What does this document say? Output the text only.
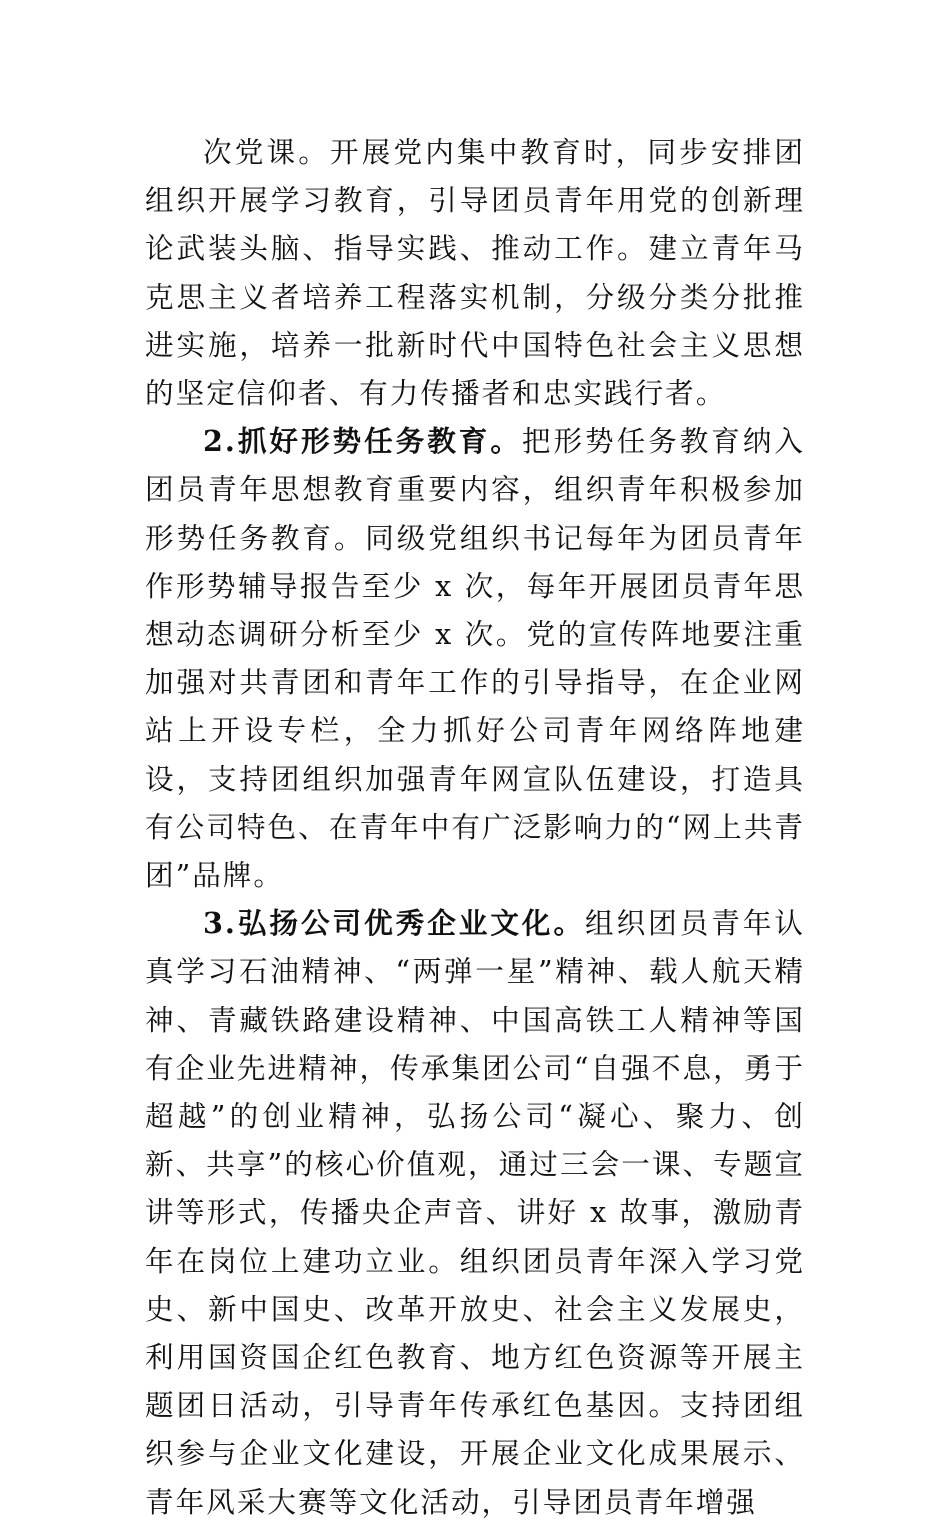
次党课。开展党内集中教育时，同步安排团组织开展学习教育，引导团员青年用党的创新理论武装头脑、指导实践、推动工作。建立青年马克思主义者培养工程落实机制，分级分类分批推进实施，培养一批新时代中国特色社会主义思想的坚定信仰者、有力传播者和忠实践行者。

2.抓好形势任务教育。把形势任务教育纳入团员青年思想教育重要内容，组织青年积极参加形势任务教育。同级党组织书记每年为团员青年作形势辅导报告至少 x 次，每年开展团员青年思想动态调研分析至少 x 次。党的宣传阵地要注重加强对共青团和青年工作的引导指导，在企业网站上开设专栏，全力抓好公司青年网络阵地建设，支持团组织加强青年网宣队伍建设，打造具有公司特色、在青年中有广泛影响力的“网上共青团”品牌。

3.弘扬公司优秀企业文化。组织团员青年认真学习石油精神、“两弹一星”精神、载人航天精神、青藏铁路建设精神、中国高铁工人精神等国有企业先进精神，传承集团公司“自强不息，勇于超越”的创业精神，弘扬公司“凝心、聚力、创新、共享”的核心价值观，通过三会一课、专题宣讲等形式，传播央企声音、讲好 x 故事，激励青年在岗位上建功立业。组织团员青年深入学习党史、新中国史、改革开放史、社会主义发展史，利用国资国企红色教育、地方红色资源等开展主题团日活动，引导青年传承红色基因。支持团组织参与企业文化建设，开展企业文化成果展示、青年风采大赛等文化活动，引导团员青年增强
